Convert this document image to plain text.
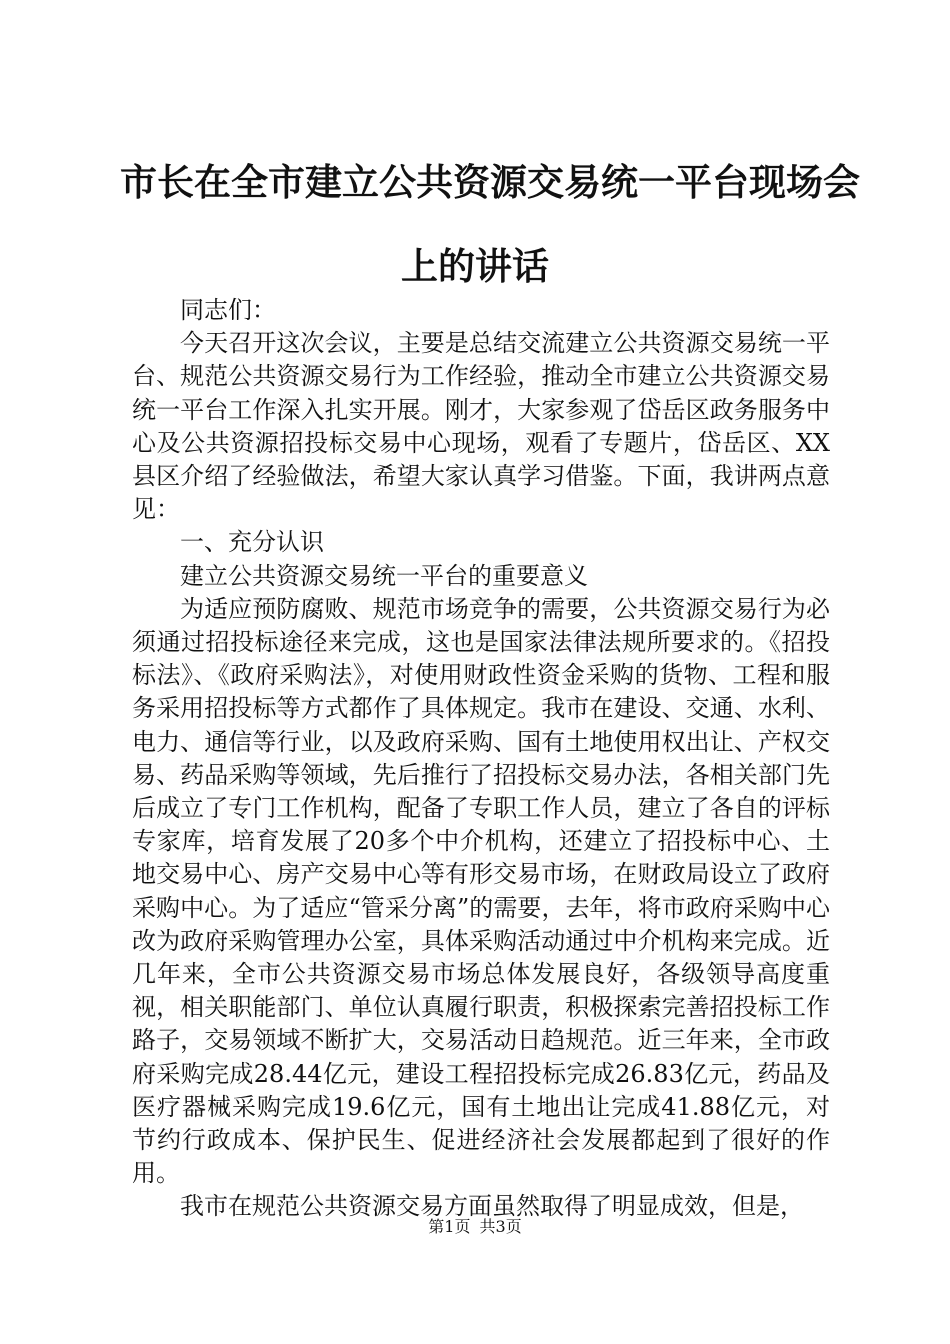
市长在全市建立公共资源交易统一平台现场会
上的讲话

同志们：

今天召开这次会议，主要是总结交流建立公共资源交易统一平台、规范公共资源交易行为工作经验，推动全市建立公共资源交易统一平台工作深入扎实开展。刚才，大家参观了岱岳区政务服务中心及公共资源招投标交易中心现场，观看了专题片，岱岳区、XX县区介绍了经验做法，希望大家认真学习借鉴。下面，我讲两点意见：

一、充分认识

建立公共资源交易统一平台的重要意义

为适应预防腐败、规范市场竞争的需要，公共资源交易行为必须通过招投标途径来完成，这也是国家法律法规所要求的。《招投标法》、《政府采购法》，对使用财政性资金采购的货物、工程和服务采用招投标等方式都作了具体规定。我市在建设、交通、水利、电力、通信等行业，以及政府采购、国有土地使用权出让、产权交易、药品采购等领域，先后推行了招投标交易办法，各相关部门先后成立了专门工作机构，配备了专职工作人员，建立了各自的评标专家库，培育发展了20多个中介机构，还建立了招投标中心、土地交易中心、房产交易中心等有形交易市场，在财政局设立了政府采购中心。为了适应“管采分离”的需要，去年，将市政府采购中心改为政府采购管理办公室，具体采购活动通过中介机构来完成。近几年来，全市公共资源交易市场总体发展良好，各级领导高度重视，相关职能部门、单位认真履行职责，积极探索完善招投标工作路子，交易领域不断扩大，交易活动日趋规范。近三年来，全市政府采购完成28.44亿元，建设工程招投标完成26.83亿元，药品及医疗器械采购完成19.6亿元，国有土地出让完成41.88亿元，对节约行政成本、保护民生、促进经济社会发展都起到了很好的作用。

我市在规范公共资源交易方面虽然取得了明显成效，但是，

第1页 共3页
